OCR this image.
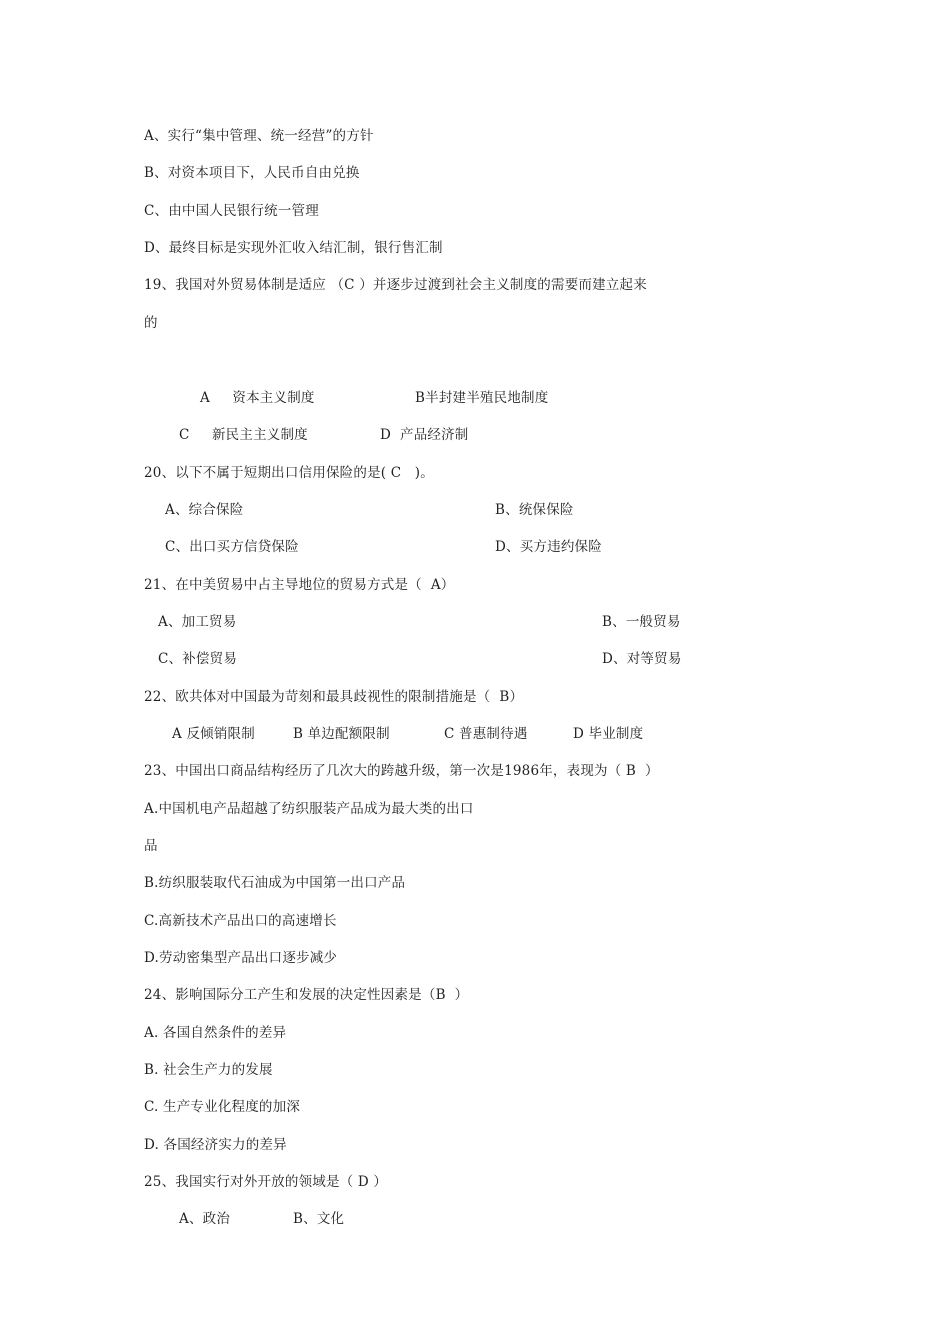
A、实行“集中管理、统一经营”的方针
B、对资本项目下，人民币自由兑换
C、由中国人民银行统一管理
D、最终目标是实现外汇收入结汇制，银行售汇制
19、我国对外贸易体制是适应 （C ）并逐步过渡到社会主义制度的需要而建立起来
的
A     资本主义制度	B半封建半殖民地制度
C     新民主主义制度	D  产品经济制
20、以下不属于短期出口信用保险的是( C   )。
A、综合保险	B、统保保险
C、出口买方信贷保险	D、买方违约保险
21、在中美贸易中占主导地位的贸易方式是（  A）
A、加工贸易	B、一般贸易
C、补偿贸易	D、对等贸易
22、欧共体对中国最为苛刻和最具歧视性的限制措施是（  B）
A 反倾销限制	B 单边配额限制	C 普惠制待遇	D 毕业制度
23、中国出口商品结构经历了几次大的跨越升级，第一次是1986年，表现为（ B  ）
A.中国机电产品超越了纺织服装产品成为最大类的出口
品
B.纺织服装取代石油成为中国第一出口产品
C.高新技术产品出口的高速增长
D.劳动密集型产品出口逐步减少
24、影响国际分工产生和发展的决定性因素是（B  ）
A. 各国自然条件的差异
B. 社会生产力的发展
C. 生产专业化程度的加深
D. 各国经济实力的差异
25、我国实行对外开放的领域是（ D ）
A、政治	B、文化
